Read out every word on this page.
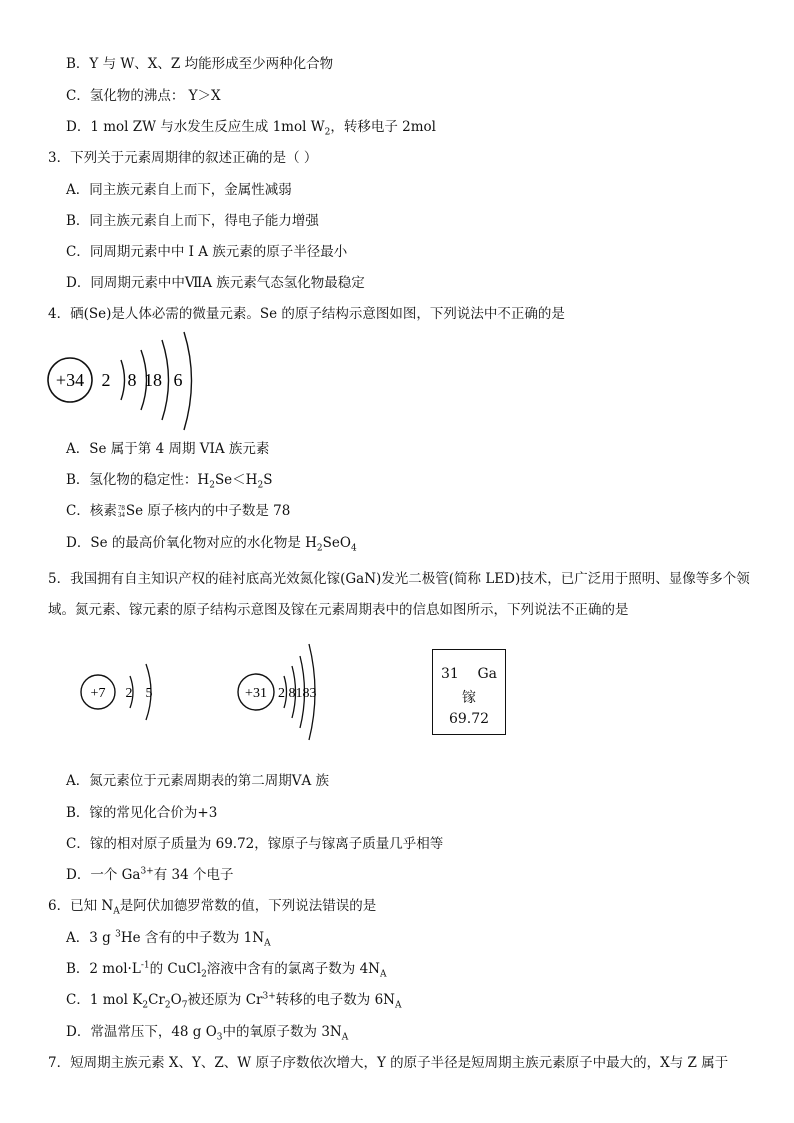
B．Y 与 W、X、Z 均能形成至少两种化合物
C．氢化物的沸点： Y＞X
D．1 mol ZW 与水发生反应生成 1mol $W_2$，转移电子 2mol
3．下列关于元素周期律的叙述正确的是（ ）
A．同主族元素自上而下，金属性减弱
B．同主族元素自上而下，得电子能力增强
C．同周期元素中中 I A 族元素的原子半径最小
D．同周期元素中中ⅦA 族元素气态氢化物最稳定
4．硒(Se)是人体必需的微量元素。Se 的原子结构示意图如图，下列说法中不正确的是
+34 2 8 18 6
A．Se 属于第 4 周期 VIA 族元素
B．氢化物的稳定性：$H_2Se<H_2S$
C．核素78
34Se 原子核内的中子数是 78
D．Se 的最高价氧化物对应的水化物是 $H_2SeO_4$
5．我国拥有自主知识产权的硅衬底高光效氮化镓(GaN)发光二极管(简称 LED)技术，已广泛用于照明、显像等多个领域。氮元素、镓元素的原子结构示意图及镓在元素周期表中的信息如图所示，下列说法不正确的是
+7 2 5	+31 2 8183
31 Ga
镓
69.72
A．氮元素位于元素周期表的第二周期ⅤA 族
B．镓的常见化合价为+3
C．镓的相对原子质量为 69.72，镓原子与镓离子质量几乎相等
D．一个 $Ga^{3+}$有 34 个电子
6．已知 $N_A$是阿伏加德罗常数的值，下列说法错误的是
A．3 g $^3$He 含有的中子数为 $1N_A$
B．2 $mol\cdot L^{-1}$的 CuCl$_2$溶液中含有的氯离子数为 $4N_A$
C．1 mol $K_2Cr_2O_7$被还原为 $Cr^{3+}$转移的电子数为 $6N_A$
D．常温常压下，48 g $O_3$中的氧原子数为 $3N_A$
7．短周期主族元素 X、Y、Z、W 原子序数依次增大，Y 的原子半径是短周期主族元素原子中最大的，X与 Z 属于
